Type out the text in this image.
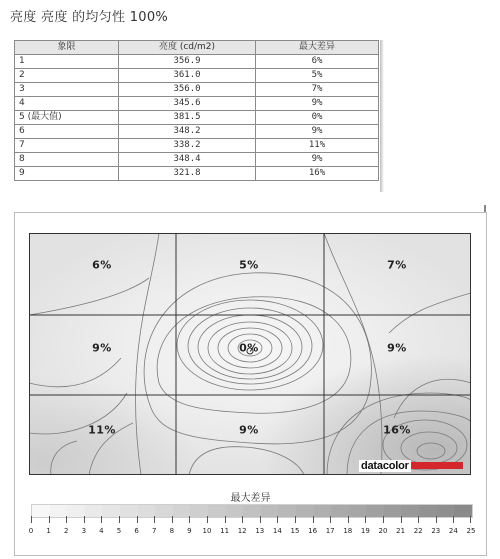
亮度 亮度 的均匀性 100%
象限	亮度 (cd/m2)	最大差异
1	356.9	6%
2	361.0	5%
3	356.0	7%
4	345.6	9%
5 (最大值)	381.5	0%
6	348.2	9%
7	338.2	11%
8	348.4	9%
9	321.8	16%
6%	5%	7%
9%	0%	9%
11%	9%	16%
datacolor
最大差异
0 1 2 3 4 5 6 7 8 9 10 11 12 13 14 15 16 17 18 19 20 21 22 23 24 25
